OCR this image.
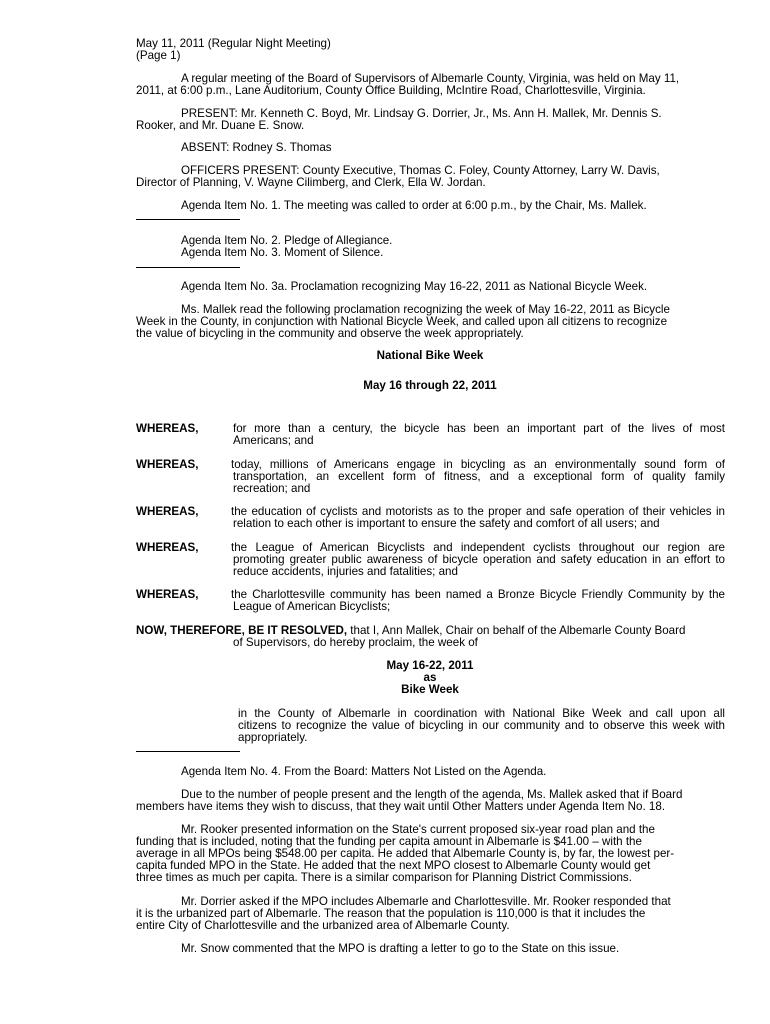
May 11, 2011 (Regular Night Meeting)
(Page 1)
A regular meeting of the Board of Supervisors of Albemarle County, Virginia, was held on May 11,
2011, at 6:00 p.m., Lane Auditorium, County Office Building, McIntire Road, Charlottesville, Virginia.
PRESENT: Mr. Kenneth C. Boyd, Mr. Lindsay G. Dorrier, Jr., Ms. Ann H. Mallek, Mr. Dennis S.
Rooker, and Mr. Duane E. Snow.
ABSENT: Rodney S. Thomas
OFFICERS PRESENT: County Executive, Thomas C. Foley, County Attorney, Larry W. Davis,
Director of Planning, V. Wayne Cilimberg, and Clerk, Ella W. Jordan.
Agenda Item No. 1. The meeting was called to order at 6:00 p.m., by the Chair, Ms. Mallek.
Agenda Item No. 2. Pledge of Allegiance.
Agenda Item No. 3. Moment of Silence.
Agenda Item No. 3a. Proclamation recognizing May 16-22, 2011 as National Bicycle Week.
Ms. Mallek read the following proclamation recognizing the week of May 16-22, 2011 as Bicycle
Week in the County, in conjunction with National Bicycle Week, and called upon all citizens to recognize
the value of bicycling in the community and observe the week appropriately.
National Bike Week
May 16 through 22, 2011
WHEREAS,	for more than a century, the bicycle has been an important part of the lives of most
Americans; and
WHEREAS,	today, millions of Americans engage in bicycling as an environmentally sound form of
transportation, an excellent form of fitness, and a exceptional form of quality family
recreation; and
WHEREAS,	the education of cyclists and motorists as to the proper and safe operation of their vehicles in
relation to each other is important to ensure the safety and comfort of all users; and
WHEREAS,	the League of American Bicyclists and independent cyclists throughout our region are
promoting greater public awareness of bicycle operation and safety education in an effort to
reduce accidents, injuries and fatalities; and
WHEREAS,	the Charlottesville community has been named a Bronze Bicycle Friendly Community by the
League of American Bicyclists;
NOW, THEREFORE, BE IT RESOLVED, that I, Ann Mallek, Chair on behalf of the Albemarle County Board
of Supervisors, do hereby proclaim, the week of
May 16-22, 2011
as
Bike Week
in the County of Albemarle in coordination with National Bike Week and call upon all
citizens to recognize the value of bicycling in our community and to observe this week with
appropriately.
Agenda Item No. 4. From the Board: Matters Not Listed on the Agenda.
Due to the number of people present and the length of the agenda, Ms. Mallek asked that if Board
members have items they wish to discuss, that they wait until Other Matters under Agenda Item No. 18.
Mr. Rooker presented information on the State's current proposed six-year road plan and the
funding that is included, noting that the funding per capita amount in Albemarle is $41.00 – with the
average in all MPOs being $548.00 per capita. He added that Albemarle County is, by far, the lowest per-
capita funded MPO in the State. He added that the next MPO closest to Albemarle County would get
three times as much per capita. There is a similar comparison for Planning District Commissions.
Mr. Dorrier asked if the MPO includes Albemarle and Charlottesville. Mr. Rooker responded that
it is the urbanized part of Albemarle. The reason that the population is 110,000 is that it includes the
entire City of Charlottesville and the urbanized area of Albemarle County.
Mr. Snow commented that the MPO is drafting a letter to go to the State on this issue.
